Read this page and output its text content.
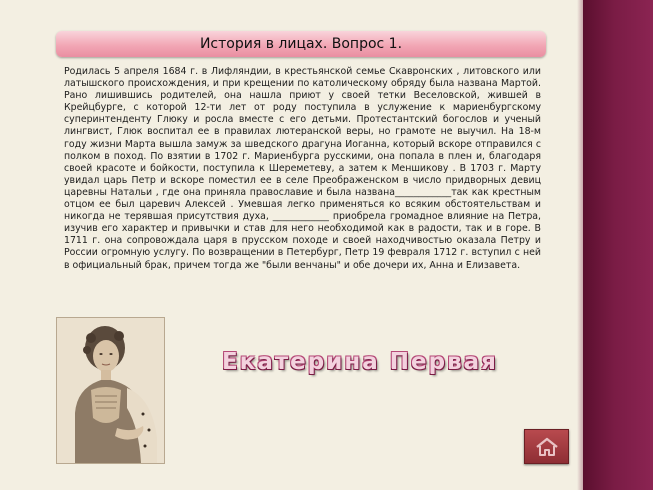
История в лицах. Вопрос 1.

Родилась 5 апреля 1684 г. в Лифляндии, в крестьянской семье Скавронских , литовского или латышского происхождения, и при крещении по католическому обряду была названа Мартой. Рано лишившись родителей, она нашла приют у своей тетки Веселовской, жившей в Крейцбурге, с которой 12-ти лет от роду поступила в услужение к мариенбургскому суперинтенденту Глюку и росла вместе с его детьми. Протестантский богослов и ученый лингвист, Глюк воспитал ее в правилах лютеранской веры, но грамоте не выучил. На 18-м году жизни Марта вышла замуж за шведского драгуна Иоганна, который вскоре отправился с полком в поход. По взятии в 1702 г. Мариенбурга русскими, она попала в плен и, благодаря своей красоте и бойкости, поступила к Шереметеву, а затем к Меншикову . В 1703 г. Марту увидал царь Петр и вскоре поместил ее в селе Преображенском в число придворных девиц царевны Натальи , где она приняла православие и была названа____________так как крестным отцом ее был царевич Алексей . Умевшая легко применяться ко всяким обстоятельствам и никогда не терявшая присутствия духа, ____________ приобрела громадное влияние на Петра, изучив его характер и привычки и став для него необходимой как в радости, так и в горе. В 1711 г. она сопровождала царя в прусском походе и своей находчивостью оказала Петру и России огромную услугу. По возвращении в Петербург, Петр 19 февраля 1712 г. вступил с ней в официальный брак, причем тогда же "были венчаны" и обе дочери их, Анна и Елизавета.

Екатерина Первая
